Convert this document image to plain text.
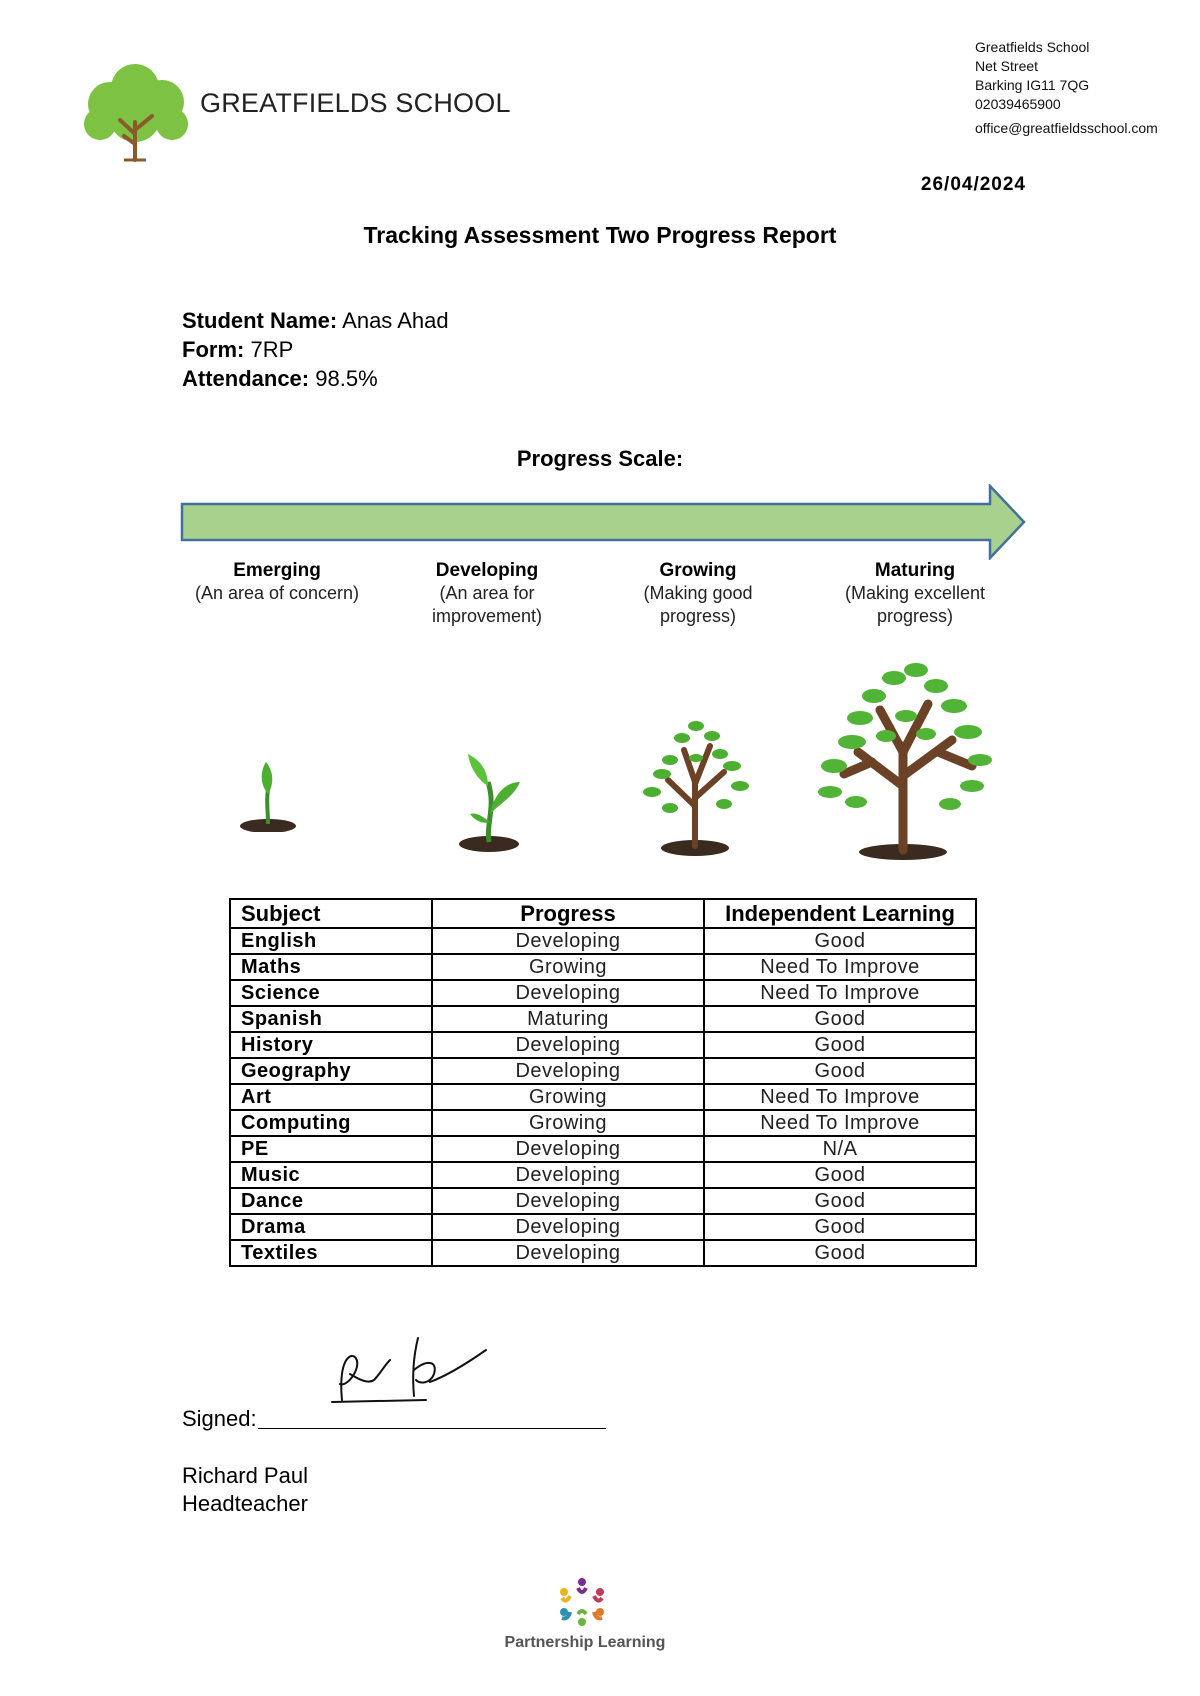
GREATFIELDS SCHOOL
Greatfields School
Net Street
Barking IG11 7QG
02039465900
office@greatfieldsschool.com
26/04/2024
Tracking Assessment Two Progress Report
Student Name: Anas Ahad
Form: 7RP
Attendance: 98.5%
Progress Scale:
Emerging
(An area of concern)
Developing
(An area for
improvement)
Growing
(Making good
progress)
Maturing
(Making excellent
progress)
Subject	Progress	Independent Learning
English	Developing	Good
Maths	Growing	Need To Improve
Science	Developing	Need To Improve
Spanish	Maturing	Good
History	Developing	Good
Geography	Developing	Good
Art	Growing	Need To Improve
Computing	Growing	Need To Improve
PE	Developing	N/A
Music	Developing	Good
Dance	Developing	Good
Drama	Developing	Good
Textiles	Developing	Good
Signed:
Richard Paul
Headteacher
Partnership Learning
